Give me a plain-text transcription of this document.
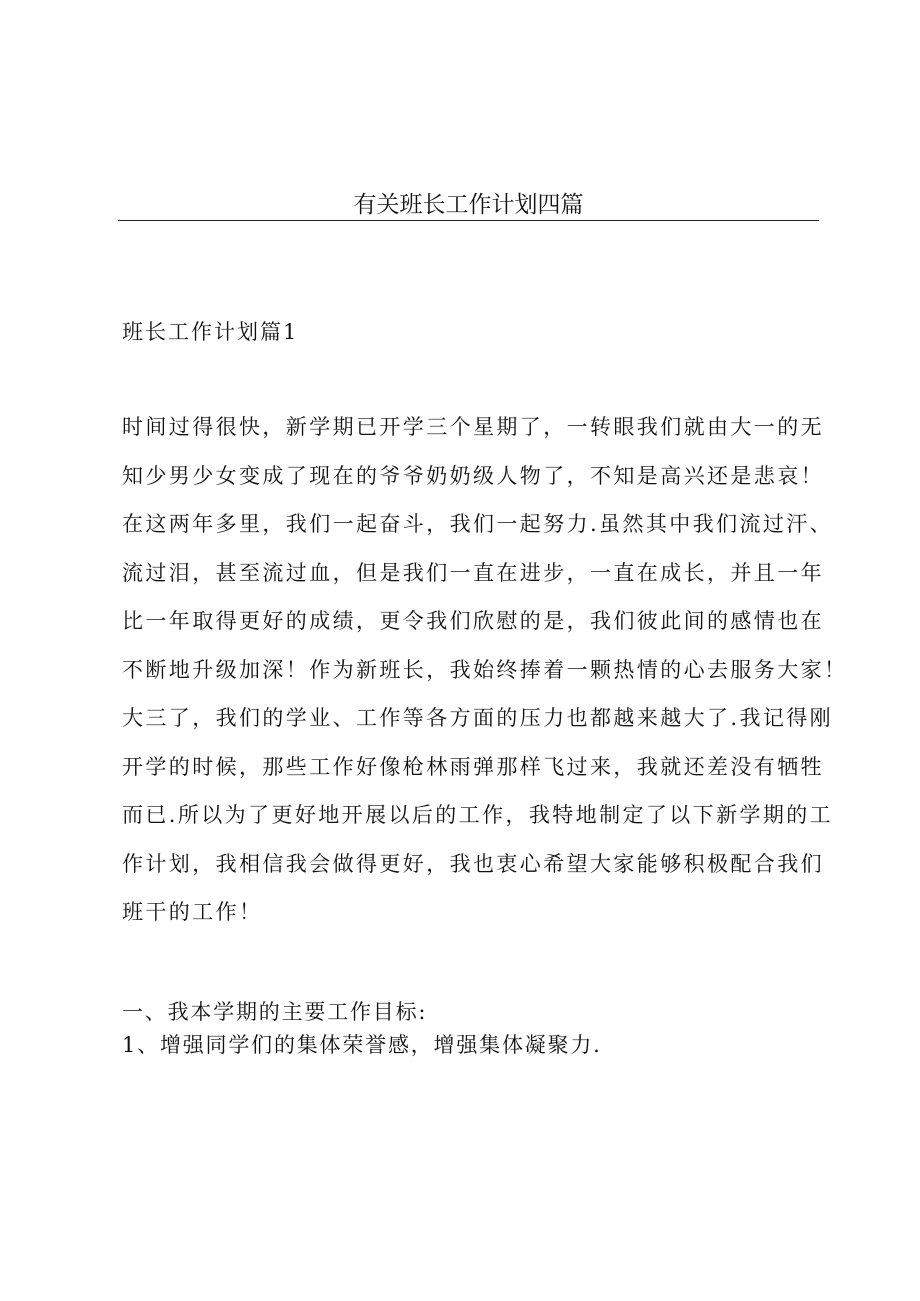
有关班长工作计划四篇
班长工作计划篇1
时间过得很快，新学期已开学三个星期了，一转眼我们就由大一的无
知少男少女变成了现在的爷爷奶奶级人物了，不知是高兴还是悲哀！
在这两年多里，我们一起奋斗，我们一起努力.虽然其中我们流过汗、
流过泪，甚至流过血，但是我们一直在进步，一直在成长，并且一年
比一年取得更好的成绩，更令我们欣慰的是，我们彼此间的感情也在
不断地升级加深！作为新班长，我始终捧着一颗热情的心去服务大家！
大三了，我们的学业、工作等各方面的压力也都越来越大了.我记得刚
开学的时候，那些工作好像枪林雨弹那样飞过来，我就还差没有牺牲
而已.所以为了更好地开展以后的工作，我特地制定了以下新学期的工
作计划，我相信我会做得更好，我也衷心希望大家能够积极配合我们
班干的工作！
一、我本学期的主要工作目标:
1、增强同学们的集体荣誉感，增强集体凝聚力.
